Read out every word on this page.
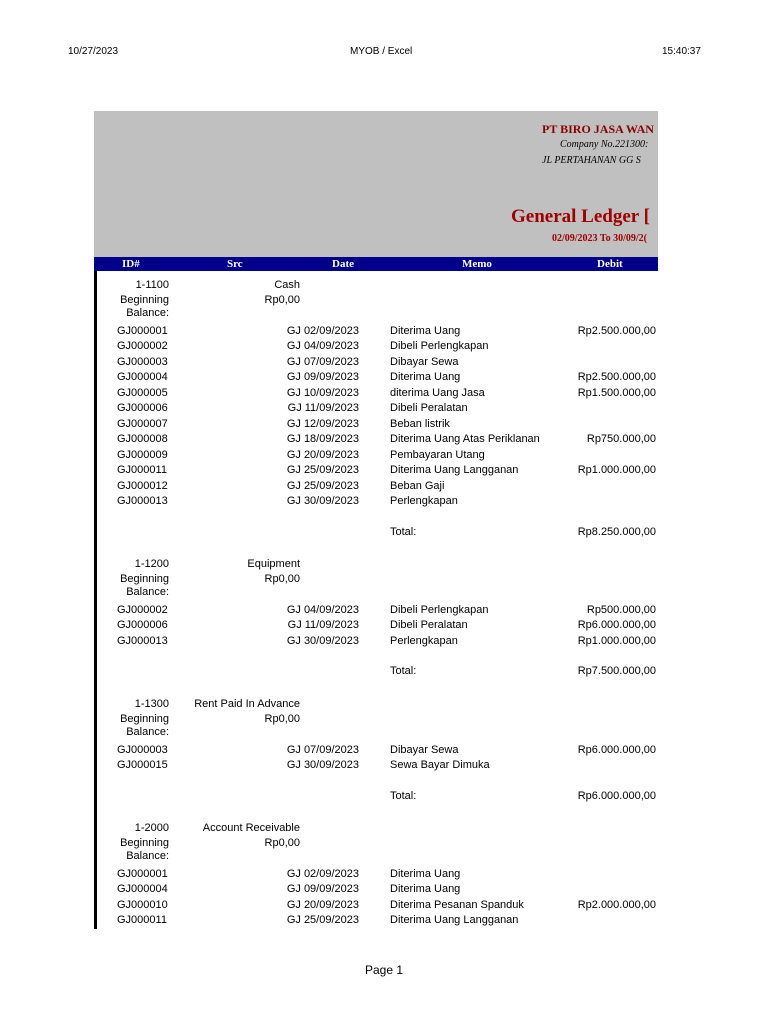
10/27/2023	MYOB / Excel	15:40:37
PT BIRO JASA WAN
Company No.221300:
JL PERTAHANAN GG S
General Ledger [
02/09/2023 To 30/09/2(
ID#	Src	Date	Memo	Debit
1-1100	Cash
Beginning	Rp0,00
Balance:
GJ000001	GJ 02/09/2023	Diterima Uang	Rp2.500.000,00
GJ000002	GJ 04/09/2023	Dibeli Perlengkapan
GJ000003	GJ 07/09/2023	Dibayar Sewa
GJ000004	GJ 09/09/2023	Diterima Uang	Rp2.500.000,00
GJ000005	GJ 10/09/2023	diterima Uang Jasa	Rp1.500.000,00
GJ000006	GJ 11/09/2023	Dibeli Peralatan
GJ000007	GJ 12/09/2023	Beban listrik
GJ000008	GJ 18/09/2023	Diterima Uang Atas Periklanan	Rp750.000,00
GJ000009	GJ 20/09/2023	Pembayaran Utang
GJ000011	GJ 25/09/2023	Diterima Uang Langganan	Rp1.000.000,00
GJ000012	GJ 25/09/2023	Beban Gaji
GJ000013	GJ 30/09/2023	Perlengkapan
Total:	Rp8.250.000,00
1-1200	Equipment
Beginning	Rp0,00
Balance:
GJ000002	GJ 04/09/2023	Dibeli Perlengkapan	Rp500.000,00
GJ000006	GJ 11/09/2023	Dibeli Peralatan	Rp6.000.000,00
GJ000013	GJ 30/09/2023	Perlengkapan	Rp1.000.000,00
Total:	Rp7.500.000,00
1-1300	Rent Paid In Advance
Beginning	Rp0,00
Balance:
GJ000003	GJ 07/09/2023	Dibayar Sewa	Rp6.000.000,00
GJ000015	GJ 30/09/2023	Sewa Bayar Dimuka
Total:	Rp6.000.000,00
1-2000	Account Receivable
Beginning	Rp0,00
Balance:
GJ000001	GJ 02/09/2023	Diterima Uang
GJ000004	GJ 09/09/2023	Diterima Uang
GJ000010	GJ 20/09/2023	Diterima Pesanan Spanduk	Rp2.000.000,00
GJ000011	GJ 25/09/2023	Diterima Uang Langganan
Page 1
